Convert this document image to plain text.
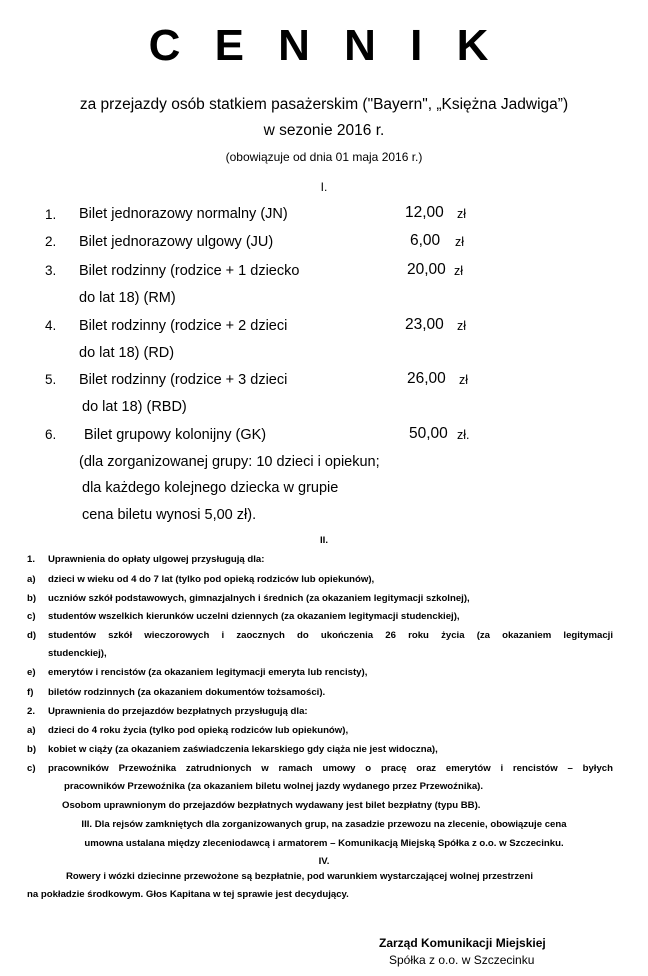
C E N N I K
za przejazdy osób statkiem pasażerskim ("Bayern", „Księżna Jadwiga”)
w sezonie 2016 r.
(obowiązuje od dnia 01 maja 2016 r.)
I.
1. Bilet jednorazowy normalny (JN)	12,00 zł
2. Bilet jednorazowy ulgowy (JU)	6,00 zł
3. Bilet rodzinny (rodzice + 1 dziecko
do lat 18) (RM)
20,00 zł
4. Bilet rodzinny (rodzice + 2 dzieci
do lat 18) (RD)
23,00 zł
5. Bilet rodzinny (rodzice + 3 dzieci
do lat 18) (RBD)
26,00 zł
6. Bilet grupowy kolonijny (GK)	50,00 zł.
(dla zorganizowanej grupy: 10 dzieci i opiekun;
dla każdego kolejnego dziecka w grupie
cena biletu wynosi 5,00 zł).
II.
1. Uprawnienia do opłaty ulgowej przysługują dla:
a) dzieci w wieku od 4 do 7 lat (tylko pod opieką rodziców lub opiekunów),
b) uczniów szkół podstawowych, gimnazjalnych i średnich (za okazaniem legitymacji szkolnej),
c) studentów wszelkich kierunków uczelni dziennych (za okazaniem legitymacji studenckiej),
d) studentów szkół wieczorowych i zaocznych do ukończenia 26 roku życia (za okazaniem legitymacji
studenckiej),
e) emerytów i rencistów (za okazaniem legitymacji emeryta lub rencisty),
f) biletów rodzinnych (za okazaniem dokumentów tożsamości).
2. Uprawnienia do przejazdów bezpłatnych przysługują dla:
a) dzieci do 4 roku życia (tylko pod opieką rodziców lub opiekunów),
b) kobiet w ciąży (za okazaniem zaświadczenia lekarskiego gdy ciąża nie jest widoczna),
c) pracowników Przewoźnika zatrudnionych w ramach umowy o pracę oraz emerytów i rencistów – byłych
pracowników Przewoźnika (za okazaniem biletu wolnej jazdy wydanego przez Przewoźnika).
Osobom uprawnionym do przejazdów bezpłatnych wydawany jest bilet bezpłatny (typu BB).
III. Dla rejsów zamkniętych dla zorganizowanych grup, na zasadzie przewozu na zlecenie, obowiązuje cena
umowna ustalana między zleceniodawcą i armatorem – Komunikacją Miejską Spółka z o.o. w Szczecinku.
IV.
Rowery i wózki dziecinne przewożone są bezpłatnie, pod warunkiem wystarczającej wolnej przestrzeni
na pokładzie środkowym. Głos Kapitana w tej sprawie jest decydujący.
Zarząd Komunikacji Miejskiej
Spółka z o.o. w Szczecinku
